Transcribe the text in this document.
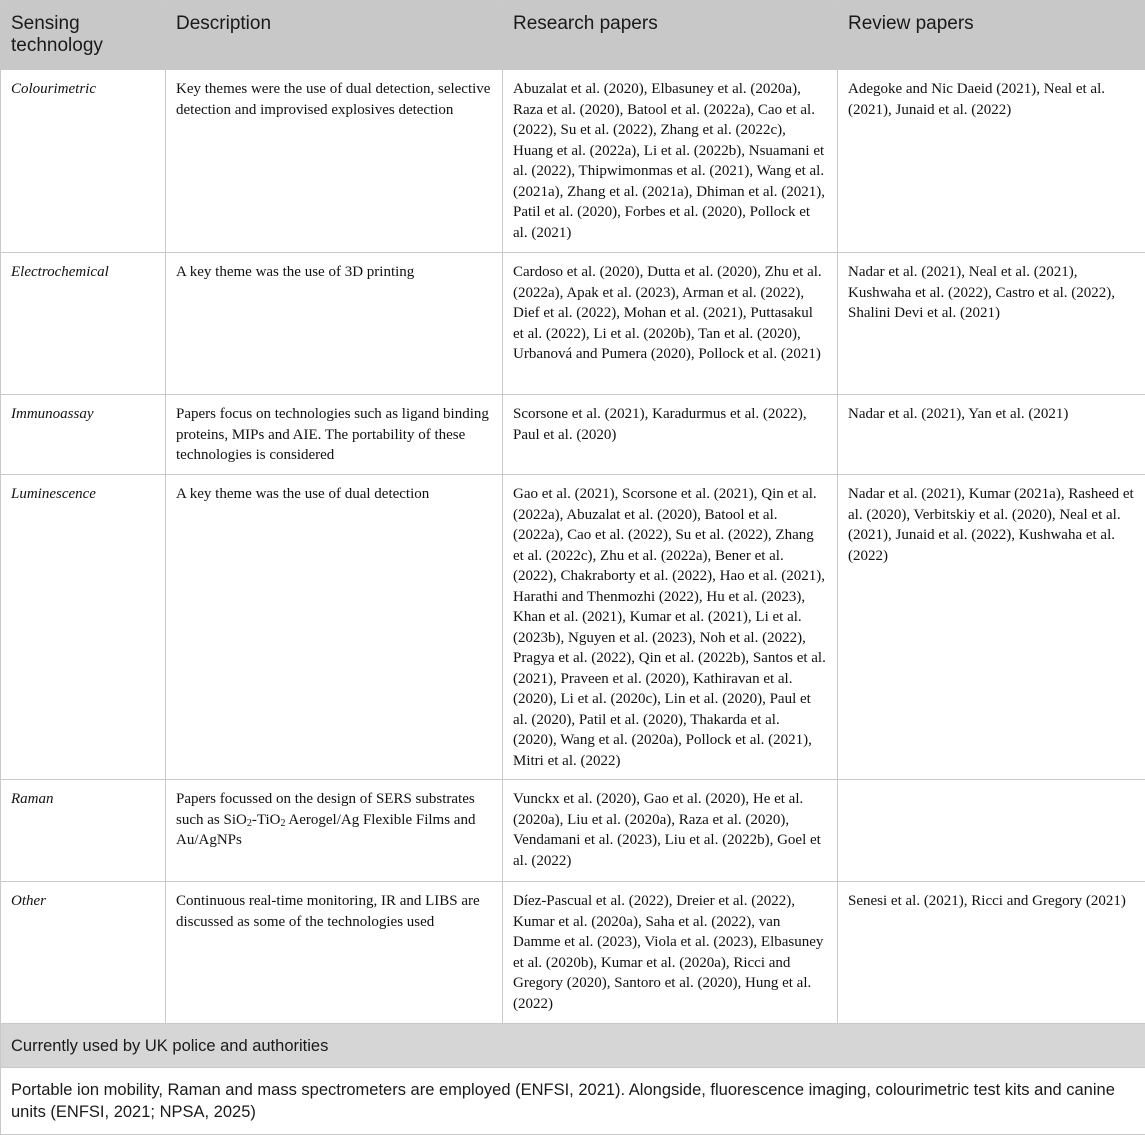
Sensing technology	Description	Research papers	Review papers
Colourimetric	Key themes were the use of dual detection, selective detection and improvised explosives detection	Abuzalat et al. (2020), Elbasuney et al. (2020a), Raza et al. (2020), Batool et al. (2022a), Cao et al. (2022), Su et al. (2022), Zhang et al. (2022c), Huang et al. (2022a), Li et al. (2022b), Nsuamani et al. (2022), Thipwimonmas et al. (2021), Wang et al. (2021a), Zhang et al. (2021a), Dhiman et al. (2021), Patil et al. (2020), Forbes et al. (2020), Pollock et al. (2021)	Adegoke and Nic Daeid (2021), Neal et al. (2021), Junaid et al. (2022)
Electrochemical	A key theme was the use of 3D printing	Cardoso et al. (2020), Dutta et al. (2020), Zhu et al. (2022a), Apak et al. (2023), Arman et al. (2022), Dief et al. (2022), Mohan et al. (2021), Puttasakul et al. (2022), Li et al. (2020b), Tan et al. (2020), Urbanová and Pumera (2020), Pollock et al. (2021)	Nadar et al. (2021), Neal et al. (2021), Kushwaha et al. (2022), Castro et al. (2022), Shalini Devi et al. (2021)
Immunoassay	Papers focus on technologies such as ligand binding proteins, MIPs and AIE. The portability of these technologies is considered	Scorsone et al. (2021), Karadurmus et al. (2022), Paul et al. (2020)	Nadar et al. (2021), Yan et al. (2021)
Luminescence	A key theme was the use of dual detection	Gao et al. (2021), Scorsone et al. (2021), Qin et al. (2022a), Abuzalat et al. (2020), Batool et al. (2022a), Cao et al. (2022), Su et al. (2022), Zhang et al. (2022c), Zhu et al. (2022a), Bener et al. (2022), Chakraborty et al. (2022), Hao et al. (2021), Harathi and Thenmozhi (2022), Hu et al. (2023), Khan et al. (2021), Kumar et al. (2021), Li et al. (2023b), Nguyen et al. (2023), Noh et al. (2022), Pragya et al. (2022), Qin et al. (2022b), Santos et al. (2021), Praveen et al. (2020), Kathiravan et al. (2020), Li et al. (2020c), Lin et al. (2020), Paul et al. (2020), Patil et al. (2020), Thakarda et al. (2020), Wang et al. (2020a), Pollock et al. (2021), Mitri et al. (2022)	Nadar et al. (2021), Kumar (2021a), Rasheed et al. (2020), Verbitskiy et al. (2020), Neal et al. (2021), Junaid et al. (2022), Kushwaha et al. (2022)
Raman	Papers focussed on the design of SERS substrates such as SiO$_2$-TiO$_2$ Aerogel/Ag Flexible Films and Au/AgNPs	Vunckx et al. (2020), Gao et al. (2020), He et al. (2020a), Liu et al. (2020a), Raza et al. (2020), Vendamani et al. (2023), Liu et al. (2022b), Goel et al. (2022)	
Other	Continuous real-time monitoring, IR and LIBS are discussed as some of the technologies used	Díez-Pascual et al. (2022), Dreier et al. (2022), Kumar et al. (2020a), Saha et al. (2022), van Damme et al. (2023), Viola et al. (2023), Elbasuney et al. (2020b), Kumar et al. (2020a), Ricci and Gregory (2020), Santoro et al. (2020), Hung et al. (2022)	Senesi et al. (2021), Ricci and Gregory (2021)
Currently used by UK police and authorities			
Portable ion mobility, Raman and mass spectrometers are employed (ENFSI, 2021). Alongside, fluorescence imaging, colourimetric test kits and canine units (ENFSI, 2021; NPSA, 2025)			
